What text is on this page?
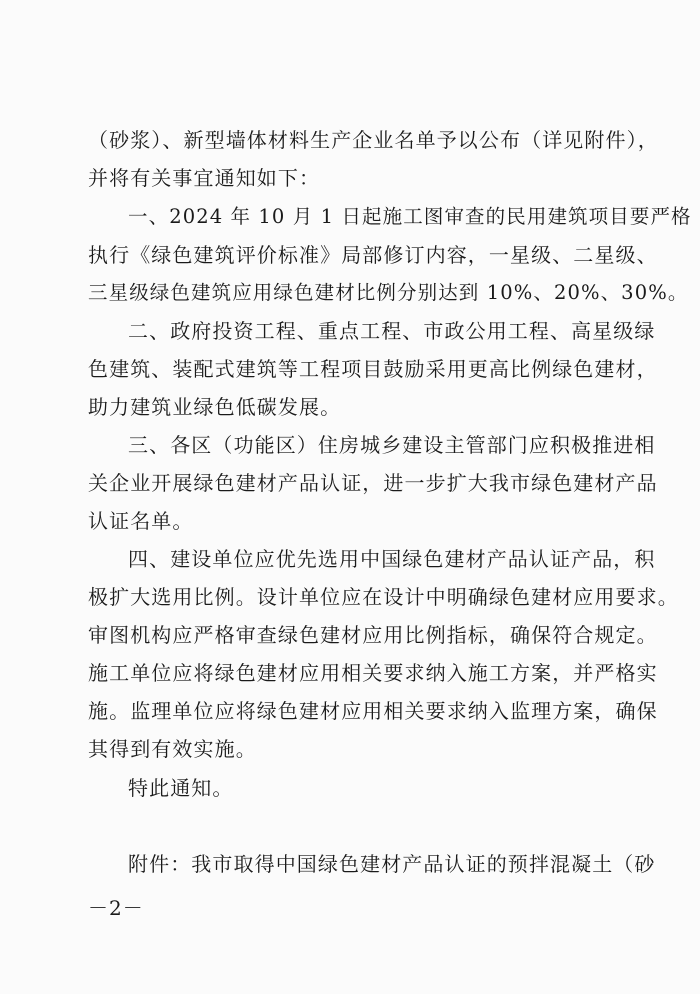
（砂浆）、新型墙体材料生产企业名单予以公布（详见附件），
并将有关事宜通知如下：
一、2024 年 10 月 1 日起施工图审查的民用建筑项目要严格
执行《绿色建筑评价标准》局部修订内容，一星级、二星级、
三星级绿色建筑应用绿色建材比例分别达到 10%、20%、30%。
二、政府投资工程、重点工程、市政公用工程、高星级绿
色建筑、装配式建筑等工程项目鼓励采用更高比例绿色建材，
助力建筑业绿色低碳发展。
三、各区（功能区）住房城乡建设主管部门应积极推进相
关企业开展绿色建材产品认证，进一步扩大我市绿色建材产品
认证名单。
四、建设单位应优先选用中国绿色建材产品认证产品，积
极扩大选用比例。设计单位应在设计中明确绿色建材应用要求。
审图机构应严格审查绿色建材应用比例指标，确保符合规定。
施工单位应将绿色建材应用相关要求纳入施工方案，并严格实
施。监理单位应将绿色建材应用相关要求纳入监理方案，确保
其得到有效实施。
特此通知。
附件：我市取得中国绿色建材产品认证的预拌混凝土（砂
－2－
